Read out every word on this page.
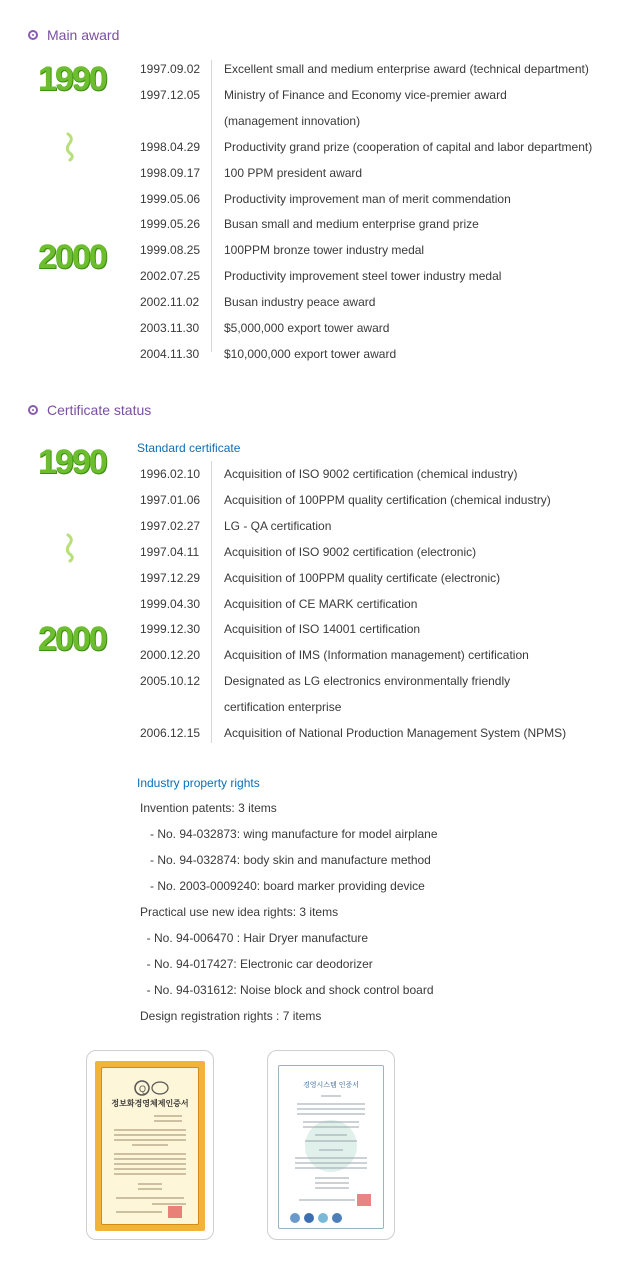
Main award
1990
2000
1997.09.02	Excellent small and medium enterprise award (technical department)
1997.12.05	Ministry of Finance and Economy vice-premier award
(management innovation)
1998.04.29	Productivity grand prize (cooperation of capital and labor department)
1998.09.17	100 PPM president award
1999.05.06	Productivity improvement man of merit commendation
1999.05.26	Busan small and medium enterprise grand prize
1999.08.25	100PPM bronze tower industry medal
2002.07.25	Productivity improvement steel tower industry medal
2002.11.02	Busan industry peace award
2003.11.30	$5,000,000 export tower award
2004.11.30	$10,000,000 export tower award
Certificate status
Standard certificate
1990
2000
1996.02.10	Acquisition of ISO 9002 certification (chemical industry)
1997.01.06	Acquisition of 100PPM quality certification (chemical industry)
1997.02.27	LG - QA certification
1997.04.11	Acquisition of ISO 9002 certification (electronic)
1997.12.29	Acquisition of 100PPM quality certificate (electronic)
1999.04.30	Acquisition of CE MARK certification
1999.12.30	Acquisition of ISO 14001 certification
2000.12.20	Acquisition of IMS (Information management) certification
2005.10.12	Designated as LG electronics environmentally friendly
certification enterprise
2006.12.15	Acquisition of National Production Management System (NPMS)
Industry property rights
Invention patents: 3 items
- No. 94-032873: wing manufacture for model airplane
- No. 94-032874: body skin and manufacture method
- No. 2003-0009240: board marker providing device
Practical use new idea rights: 3 items
- No. 94-006470 : Hair Dryer manufacture
- No. 94-017427: Electronic car deodorizer
- No. 94-031612: Noise block and shock control board
Design registration rights : 7 items
Q
정보화경영체제인증서
경영시스템 인증서
